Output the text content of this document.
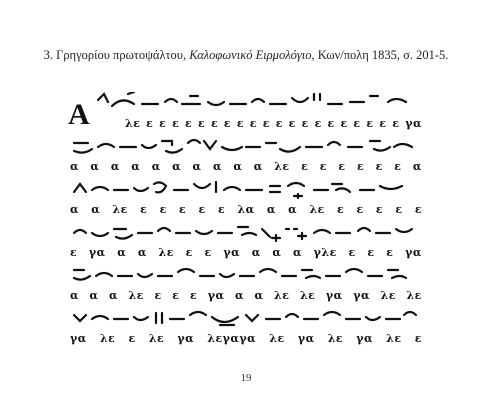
3. Γρηγορίου πρωτοψάλτου, Καλοφωνικό Ειρμολόγιο, Κων/πολη 1835, σ. 201-5.
Α	λε ε ε ε ε ε ε ε ε ε ε ε ε ε ε ε ε ε ε ε ε γα
α α α α α α α α α α λε ε ε ε ε ε ε α
α α λε ε ε ε ε ε λα α α λε ε ε ε ε ε
ε γα α α λε ε ε γα α α α γλε ε ε ε γα
α α α λε ε ε ε γα α α λε λε γα γα λε λε
γα λε ε λε γα λεγαγα λε γα λε γα λε ε
19
